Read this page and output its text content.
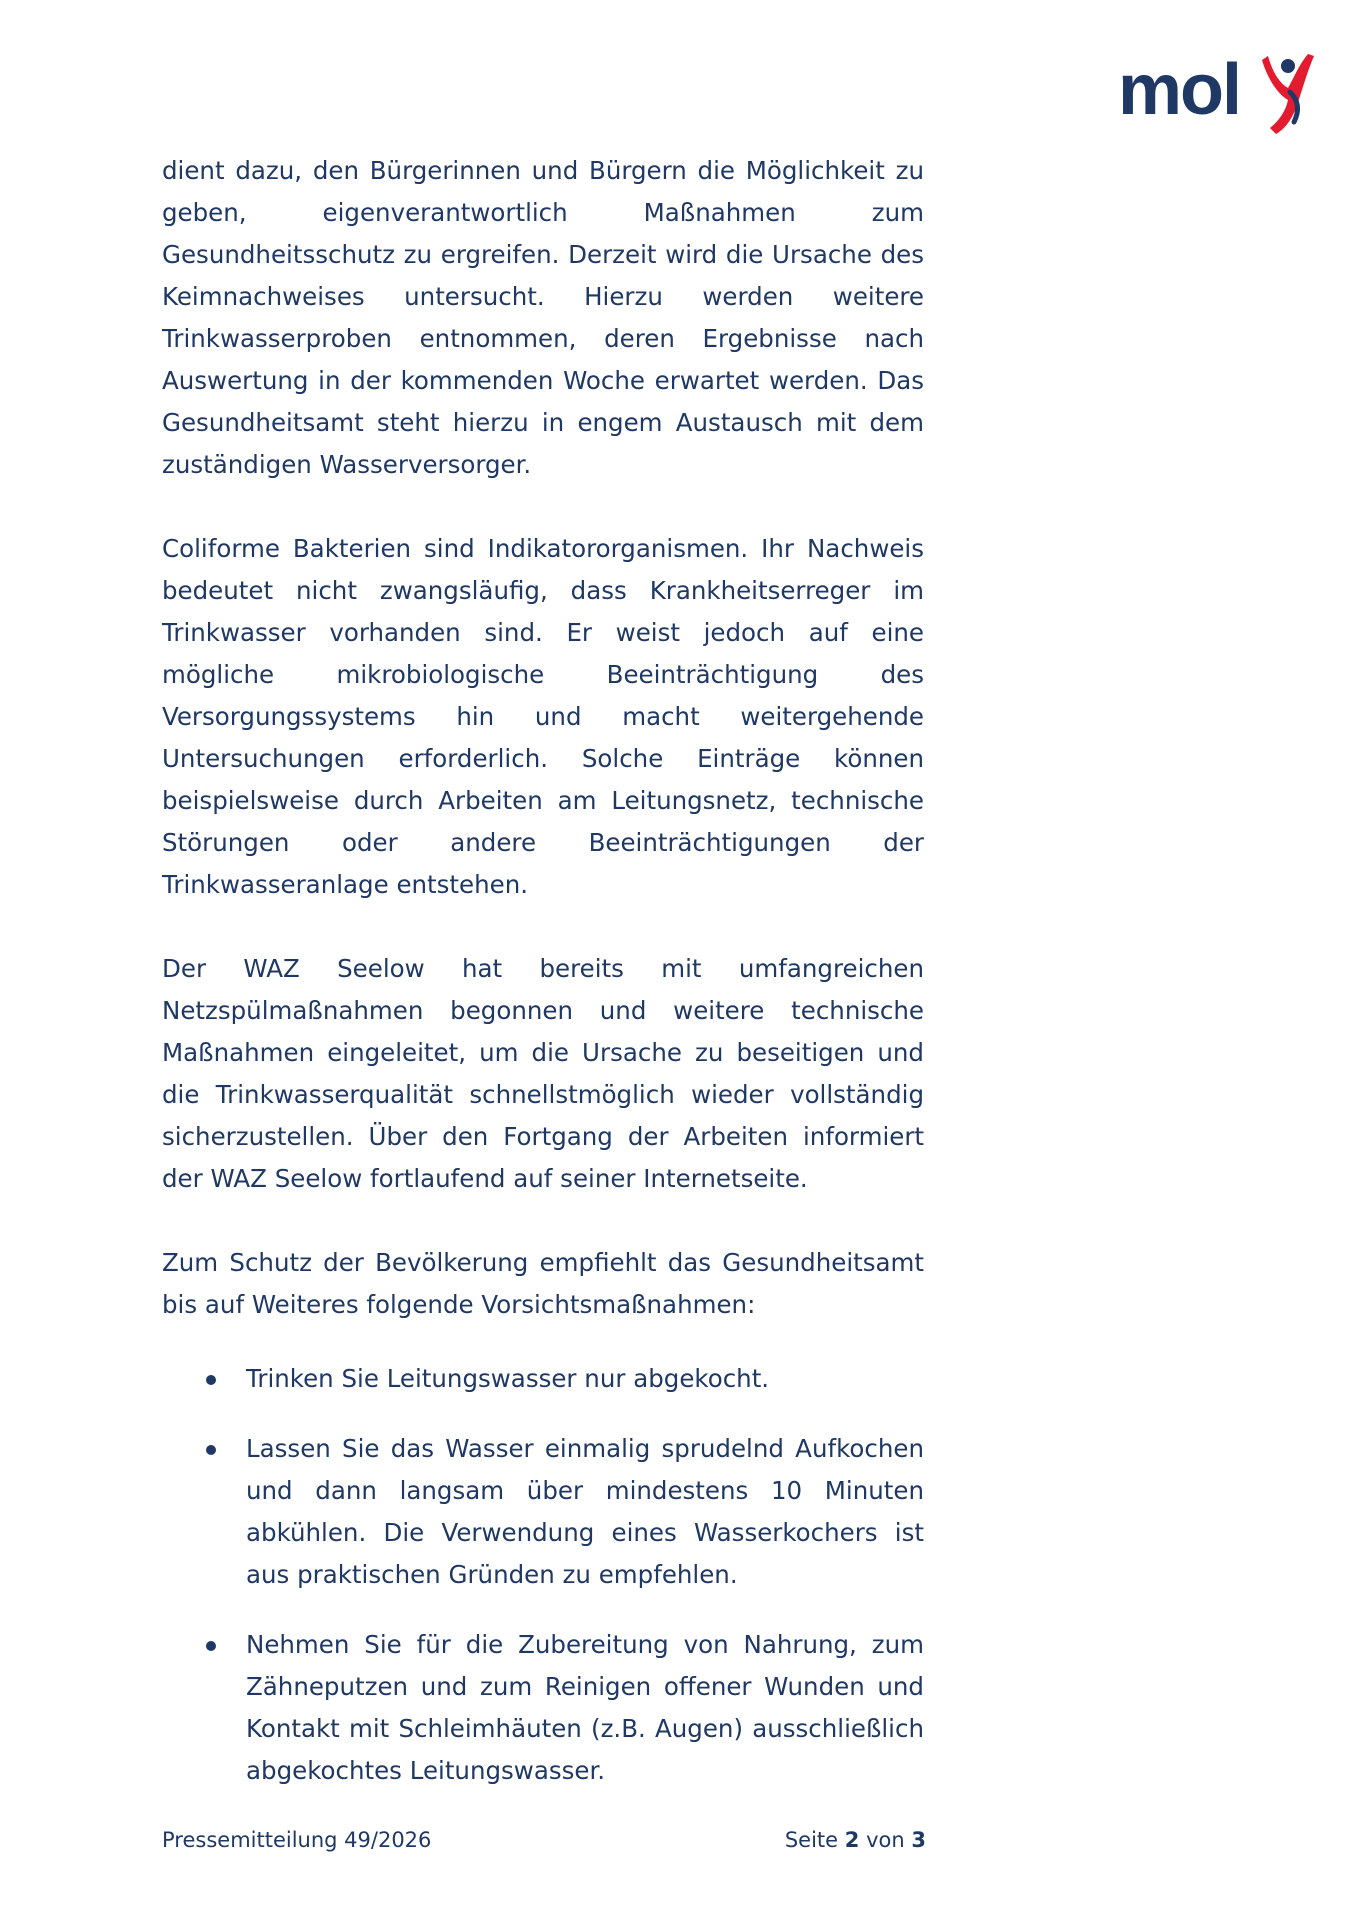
mol

dient dazu, den Bürgerinnen und Bürgern die Möglichkeit zu geben, eigenverantwortlich Maßnahmen zum Gesundheitsschutz zu ergreifen. Derzeit wird die Ursache des Keimnachweises untersucht. Hierzu werden weitere Trinkwasserproben entnommen, deren Ergebnisse nach Auswertung in der kommenden Woche erwartet werden. Das Gesundheitsamt steht hierzu in engem Austausch mit dem zuständigen Wasserversorger.

Coliforme Bakterien sind Indikatororganismen. Ihr Nachweis bedeutet nicht zwangsläufig, dass Krankheitserreger im Trinkwasser vorhanden sind. Er weist jedoch auf eine mögliche mikrobiologische Beeinträchtigung des Versorgungssystems hin und macht weitergehende Untersuchungen erforderlich. Solche Einträge können beispielsweise durch Arbeiten am Leitungsnetz, technische Störungen oder andere Beeinträchtigungen der Trinkwasseranlage entstehen.

Der WAZ Seelow hat bereits mit umfangreichen Netzspülmaßnahmen begonnen und weitere technische Maßnahmen eingeleitet, um die Ursache zu beseitigen und die Trinkwasserqualität schnellstmöglich wieder vollständig sicherzustellen. Über den Fortgang der Arbeiten informiert der WAZ Seelow fortlaufend auf seiner Internetseite.

Zum Schutz der Bevölkerung empfiehlt das Gesundheitsamt bis auf Weiteres folgende Vorsichtsmaßnahmen:

Trinken Sie Leitungswasser nur abgekocht.
Lassen Sie das Wasser einmalig sprudelnd Aufkochen und dann langsam über mindestens 10 Minuten abkühlen. Die Verwendung eines Wasserkochers ist aus praktischen Gründen zu empfehlen.
Nehmen Sie für die Zubereitung von Nahrung, zum Zähneputzen und zum Reinigen offener Wunden und Kontakt mit Schleimhäuten (z.B. Augen) ausschließlich abgekochtes Leitungswasser.
Pressemitteilung 49/2026	Seite 2 von 3
